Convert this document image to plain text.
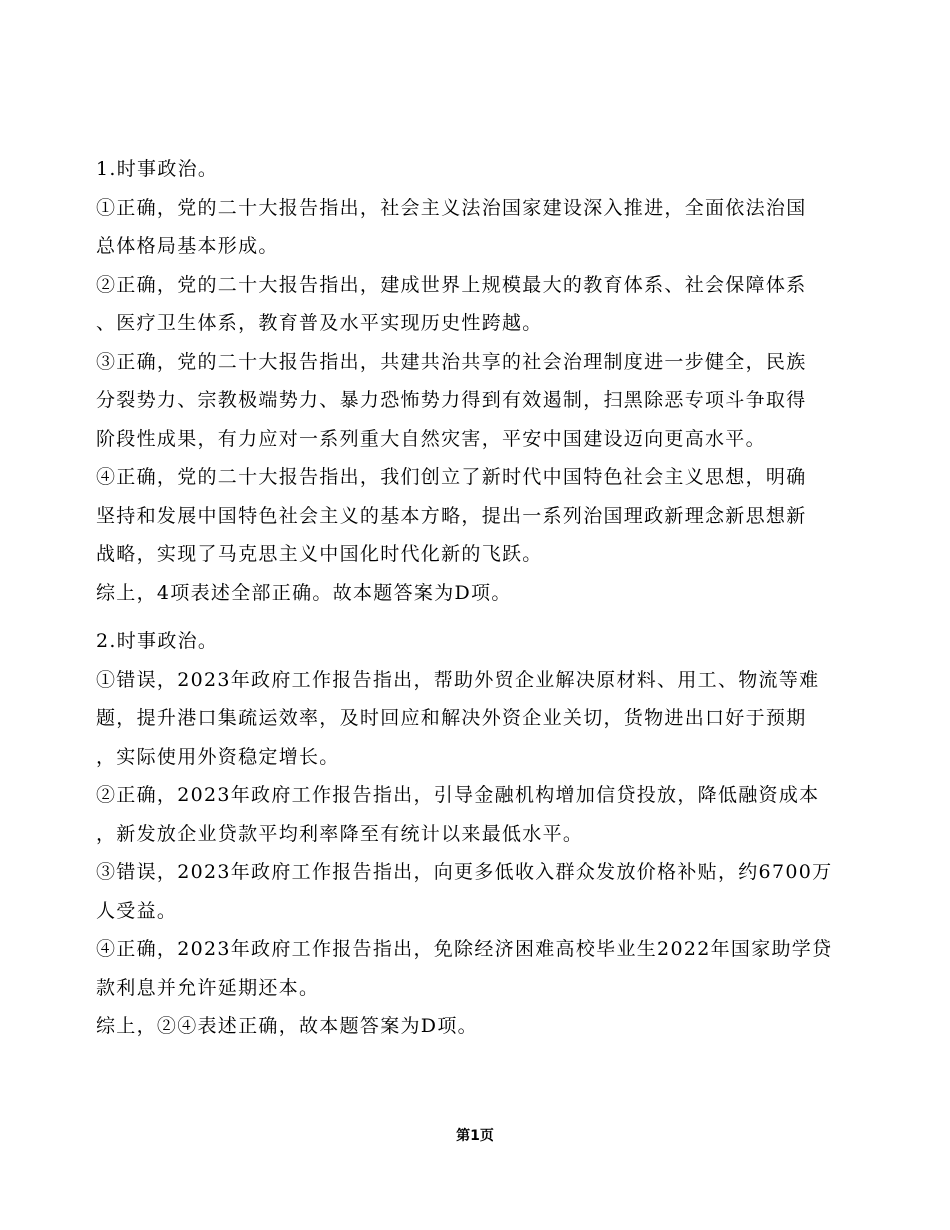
1.时事政治。
①正确，党的二十大报告指出，社会主义法治国家建设深入推进，全面依法治国
总体格局基本形成。
②正确，党的二十大报告指出，建成世界上规模最大的教育体系、社会保障体系
、医疗卫生体系，教育普及水平实现历史性跨越。
③正确，党的二十大报告指出，共建共治共享的社会治理制度进一步健全，民族
分裂势力、宗教极端势力、暴力恐怖势力得到有效遏制，扫黑除恶专项斗争取得
阶段性成果，有力应对一系列重大自然灾害，平安中国建设迈向更高水平。
④正确，党的二十大报告指出，我们创立了新时代中国特色社会主义思想，明确
坚持和发展中国特色社会主义的基本方略，提出一系列治国理政新理念新思想新
战略，实现了马克思主义中国化时代化新的飞跃。
综上，4项表述全部正确。故本题答案为D项。
2.时事政治。
①错误，2023年政府工作报告指出，帮助外贸企业解决原材料、用工、物流等难
题，提升港口集疏运效率，及时回应和解决外资企业关切，货物进出口好于预期
，实际使用外资稳定增长。
②正确，2023年政府工作报告指出，引导金融机构增加信贷投放，降低融资成本
，新发放企业贷款平均利率降至有统计以来最低水平。
③错误，2023年政府工作报告指出，向更多低收入群众发放价格补贴，约6700万
人受益。
④正确，2023年政府工作报告指出，免除经济困难高校毕业生2022年国家助学贷
款利息并允许延期还本。
综上，②④表述正确，故本题答案为D项。
第1页
